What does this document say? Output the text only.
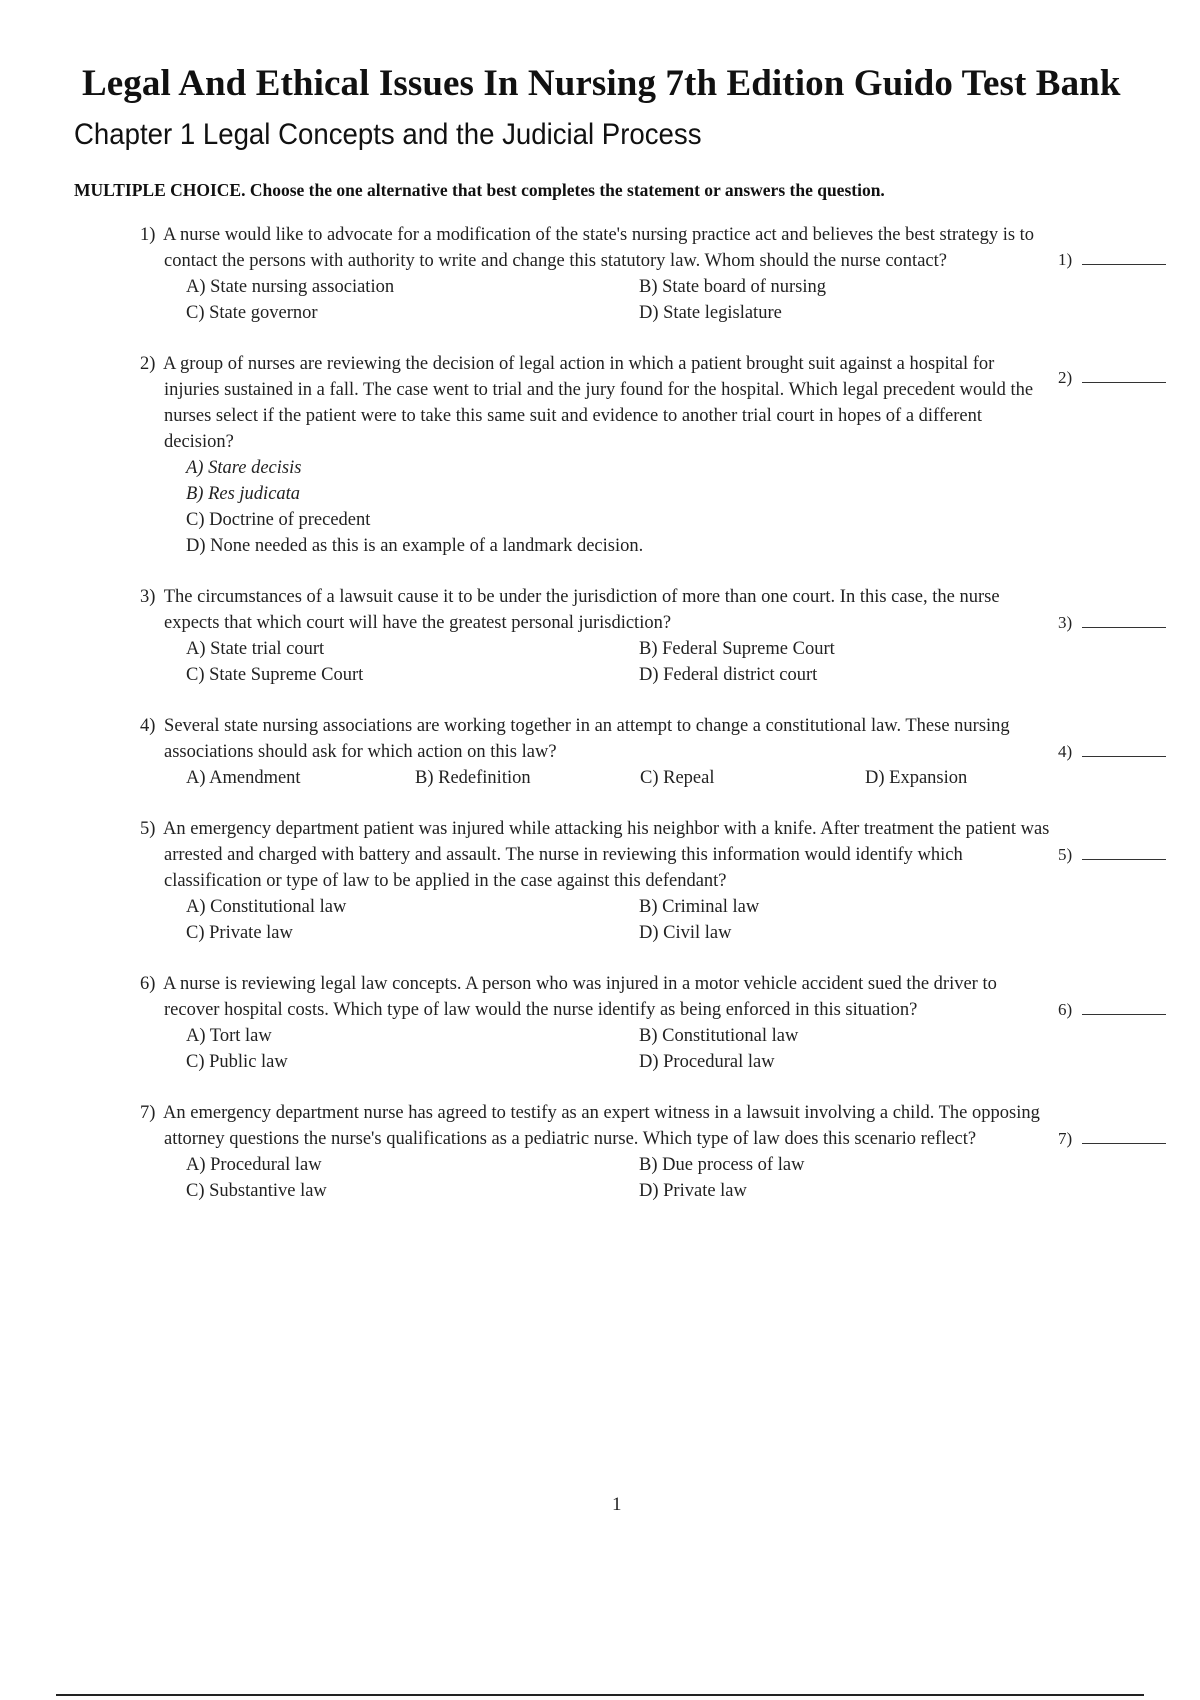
Legal And Ethical Issues In Nursing 7th Edition Guido Test Bank
Chapter 1 Legal Concepts and the Judicial Process

MULTIPLE CHOICE. Choose the one alternative that best completes the statement or answers the question.

1) A nurse would like to advocate for a modification of the state's nursing practice act and believes the best strategy is to contact the persons with authority to write and change this statutory law. Whom should the nurse contact?	1)
A) State nursing association	B) State board of nursing
C) State governor	D) State legislature
2) A group of nurses are reviewing the decision of legal action in which a patient brought suit against a hospital for injuries sustained in a fall. The case went to trial and the jury found for the hospital. Which legal precedent would the nurses select if the patient were to take this same suit and evidence to another trial court in hopes of a different decision?
2)
A) Stare decisis
B) Res judicata
C) Doctrine of precedent
D) None needed as this is an example of a landmark decision.
3) The circumstances of a lawsuit cause it to be under the jurisdiction of more than one court. In this case, the nurse expects that which court will have the greatest personal jurisdiction?	3)
A) State trial court	B) Federal Supreme Court
C) State Supreme Court	D) Federal district court
4) Several state nursing associations are working together in an attempt to change a constitutional law. These nursing associations should ask for which action on this law?	4)
A) Amendment	B) Redefinition	C) Repeal	D) Expansion
5) An emergency department patient was injured while attacking his neighbor with a knife. After treatment the patient was arrested and charged with battery and assault. The nurse in reviewing this information would identify which classification or type of law to be applied in the case against this defendant?
5)
A) Constitutional law	B) Criminal law
C) Private law	D) Civil law
6) A nurse is reviewing legal law concepts. A person who was injured in a motor vehicle accident sued the driver to recover hospital costs. Which type of law would the nurse identify as being enforced in this situation?	6)
A) Tort law	B) Constitutional law
C) Public law	D) Procedural law
7) An emergency department nurse has agreed to testify as an expert witness in a lawsuit involving a child. The opposing attorney questions the nurse's qualifications as a pediatric nurse. Which type of law does this scenario reflect?	7)
A) Procedural law	B) Due process of law
C) Substantive law	D) Private law
1
